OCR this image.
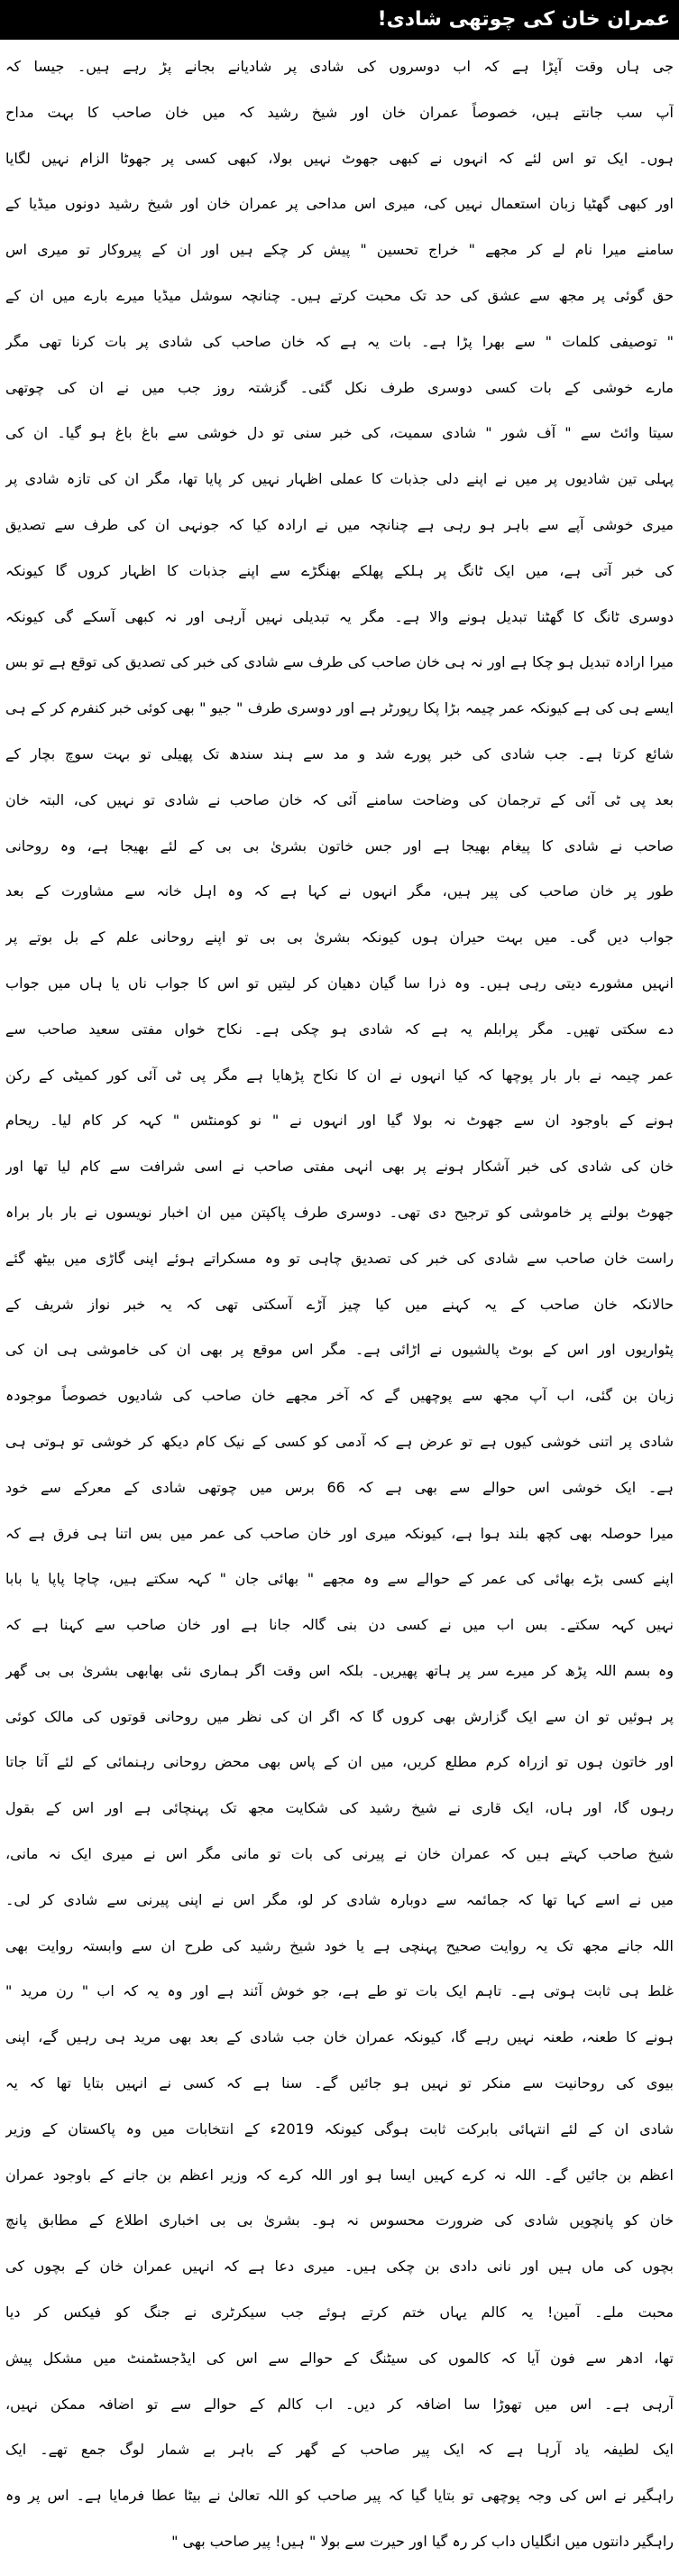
عمران خان کی چوتھی شادی!
جی ہاں وقت آپڑا ہے کہ اب دوسروں کی شادی پر شادیانے بجانے پڑ رہے ہیں۔ جیسا کہ
آپ سب جانتے ہیں، خصوصاً عمران خان اور شیخ رشید کہ میں خان صاحب کا بہت مداح
ہوں۔ ایک تو اس لئے کہ انہوں نے کبھی جھوٹ نہیں بولا، کبھی کسی پر جھوٹا الزام نہیں لگایا
اور کبھی گھٹیا زبان استعمال نہیں کی، میری اس مداحی پر عمران خان اور شیخ رشید دونوں میڈیا کے
سامنے میرا نام لے کر مجھے " خراج تحسین " پیش کر چکے ہیں اور ان کے پیروکار تو میری اس
حق گوئی پر مجھ سے عشق کی حد تک محبت کرتے ہیں۔ چنانچہ سوشل میڈیا میرے بارے میں ان کے
" توصیفی کلمات " سے بھرا پڑا ہے۔ بات یہ ہے کہ خان صاحب کی شادی پر بات کرنا تھی مگر
مارے خوشی کے بات کسی دوسری طرف نکل گئی۔ گزشتہ روز جب میں نے ان کی چوتھی
سیتا وائٹ سے " آف شور " شادی سمیت، کی خبر سنی تو دل خوشی سے باغ باغ ہو گیا۔ ان کی
پہلی تین شادیوں پر میں نے اپنے دلی جذبات کا عملی اظہار نہیں کر پایا تھا، مگر ان کی تازہ شادی پر
میری خوشی آپے سے باہر ہو رہی ہے چنانچہ میں نے ارادہ کیا کہ جونہی ان کی طرف سے تصدیق
کی خبر آتی ہے، میں ایک ٹانگ پر ہلکے پھلکے بھنگڑے سے اپنے جذبات کا اظہار کروں گا کیونکہ
دوسری ٹانگ کا گھٹنا تبدیل ہونے والا ہے۔ مگر یہ تبدیلی نہیں آرہی اور نہ کبھی آسکے گی کیونکہ
میرا ارادہ تبدیل ہو چکا ہے اور نہ ہی خان صاحب کی طرف سے شادی کی خبر کی تصدیق کی توقع ہے تو بس
ایسے ہی کی ہے کیونکہ عمر چیمہ بڑا پکا رپورٹر ہے اور دوسری طرف " جیو " بھی کوئی خبر کنفرم کر کے ہی
شائع کرتا ہے۔ جب شادی کی خبر پورے شد و مد سے ہند سندھ تک پھیلی تو بہت سوچ بچار کے
بعد پی ٹی آئی کے ترجمان کی وضاحت سامنے آئی کہ خان صاحب نے شادی تو نہیں کی، البتہ خان
صاحب نے شادی کا پیغام بھیجا ہے اور جس خاتون بشریٰ بی بی کے لئے بھیجا ہے، وہ روحانی
طور پر خان صاحب کی پیر ہیں، مگر انہوں نے کہا ہے کہ وہ اہل خانہ سے مشاورت کے بعد
جواب دیں گی۔ میں بہت حیران ہوں کیونکہ بشریٰ بی بی تو اپنے روحانی علم کے بل بوتے پر
انہیں مشورے دیتی رہی ہیں۔ وہ ذرا سا گیان دھیان کر لیتیں تو اس کا جواب ناں یا ہاں میں جواب
دے سکتی تھیں۔ مگر پرابلم یہ ہے کہ شادی ہو چکی ہے۔ نکاح خواں مفتی سعید صاحب سے
عمر چیمہ نے بار بار پوچھا کہ کیا انہوں نے ان کا نکاح پڑھایا ہے مگر پی ٹی آئی کور کمیٹی کے رکن
ہونے کے باوجود ان سے جھوٹ نہ بولا گیا اور انہوں نے " نو کومنٹس " کہہ کر کام لیا۔ ریحام
خان کی شادی کی خبر آشکار ہونے پر بھی انہی مفتی صاحب نے اسی شرافت سے کام لیا تھا اور
جھوٹ بولنے پر خاموشی کو ترجیح دی تھی۔ دوسری طرف پاکپتن میں ان اخبار نویسوں نے بار بار براہ
راست خان صاحب سے شادی کی خبر کی تصدیق چاہی تو وہ مسکراتے ہوئے اپنی گاڑی میں بیٹھ گئے
حالانکہ خان صاحب کے یہ کہنے میں کیا چیز آڑے آسکتی تھی کہ یہ خبر نواز شریف کے
پٹواریوں اور اس کے بوٹ پالشیوں نے اڑائی ہے۔ مگر اس موقع پر بھی ان کی خاموشی ہی ان کی
زبان بن گئی، اب آپ مجھ سے پوچھیں گے کہ آخر مجھے خان صاحب کی شادیوں خصوصاً موجودہ
شادی پر اتنی خوشی کیوں ہے تو عرض ہے کہ آدمی کو کسی کے نیک کام دیکھ کر خوشی تو ہوتی ہی
ہے۔ ایک خوشی اس حوالے سے بھی ہے کہ 66 برس میں چوتھی شادی کے معرکے سے خود
میرا حوصلہ بھی کچھ بلند ہوا ہے، کیونکہ میری اور خان صاحب کی عمر میں بس اتنا ہی فرق ہے کہ
اپنے کسی بڑے بھائی کی عمر کے حوالے سے وہ مجھے " بھائی جان " کہہ سکتے ہیں، چاچا پاپا یا بابا
نہیں کہہ سکتے۔ بس اب میں نے کسی دن بنی گالہ جانا ہے اور خان صاحب سے کہنا ہے کہ
وہ بسم اللہ پڑھ کر میرے سر پر ہاتھ پھیریں۔ بلکہ اس وقت اگر ہماری نئی بھابھی بشریٰ بی بی گھر
پر ہوئیں تو ان سے ایک گزارش بھی کروں گا کہ اگر ان کی نظر میں روحانی قوتوں کی مالک کوئی
اور خاتون ہوں تو ازراہ کرم مطلع کریں، میں ان کے پاس بھی محض روحانی رہنمائی کے لئے آتا جاتا
رہوں گا، اور ہاں، ایک قاری نے شیخ رشید کی شکایت مجھ تک پہنچائی ہے اور اس کے بقول
شیخ صاحب کہتے ہیں کہ عمران خان نے پیرنی کی بات تو مانی مگر اس نے میری ایک نہ مانی،
میں نے اسے کہا تھا کہ جمائمہ سے دوبارہ شادی کر لو، مگر اس نے اپنی پیرنی سے شادی کر لی۔
اللہ جانے مجھ تک یہ روایت صحیح پہنچی ہے یا خود شیخ رشید کی طرح ان سے وابستہ روایت بھی
غلط ہی ثابت ہوتی ہے۔ تاہم ایک بات تو طے ہے، جو خوش آئند ہے اور وہ یہ کہ اب " رن مرید "
ہونے کا طعنہ، طعنہ نہیں رہے گا، کیونکہ عمران خان جب شادی کے بعد بھی مرید ہی رہیں گے، اپنی
بیوی کی روحانیت سے منکر تو نہیں ہو جائیں گے۔ سنا ہے کہ کسی نے انہیں بتایا تھا کہ یہ
شادی ان کے لئے انتہائی بابرکت ثابت ہوگی کیونکہ 2019ء کے انتخابات میں وہ پاکستان کے وزیر
اعظم بن جائیں گے۔ اللہ نہ کرے کہیں ایسا ہو اور اللہ کرے کہ وزیر اعظم بن جانے کے باوجود عمران
خان کو پانچویں شادی کی ضرورت محسوس نہ ہو۔ بشریٰ بی بی اخباری اطلاع کے مطابق پانچ
بچوں کی ماں ہیں اور نانی دادی بن چکی ہیں۔ میری دعا ہے کہ انہیں عمران خان کے بچوں کی
محبت ملے۔ آمین! یہ کالم یہاں ختم کرتے ہوئے جب سیکرٹری نے جنگ کو فیکس کر دیا
تھا، ادھر سے فون آیا کہ کالموں کی سیٹنگ کے حوالے سے اس کی ایڈجسٹمنٹ میں مشکل پیش
آرہی ہے۔ اس میں تھوڑا سا اضافہ کر دیں۔ اب کالم کے حوالے سے تو اضافہ ممکن نہیں،
ایک لطیفہ یاد آرہا ہے کہ ایک پیر صاحب کے گھر کے باہر بے شمار لوگ جمع تھے۔ ایک
راہگیر نے اس کی وجہ پوچھی تو بتایا گیا کہ پیر صاحب کو اللہ تعالیٰ نے بیٹا عطا فرمایا ہے۔ اس پر وہ
راہگیر دانتوں میں انگلیاں داب کر رہ گیا اور حیرت سے بولا " ہیں! پیر صاحب بھی "
